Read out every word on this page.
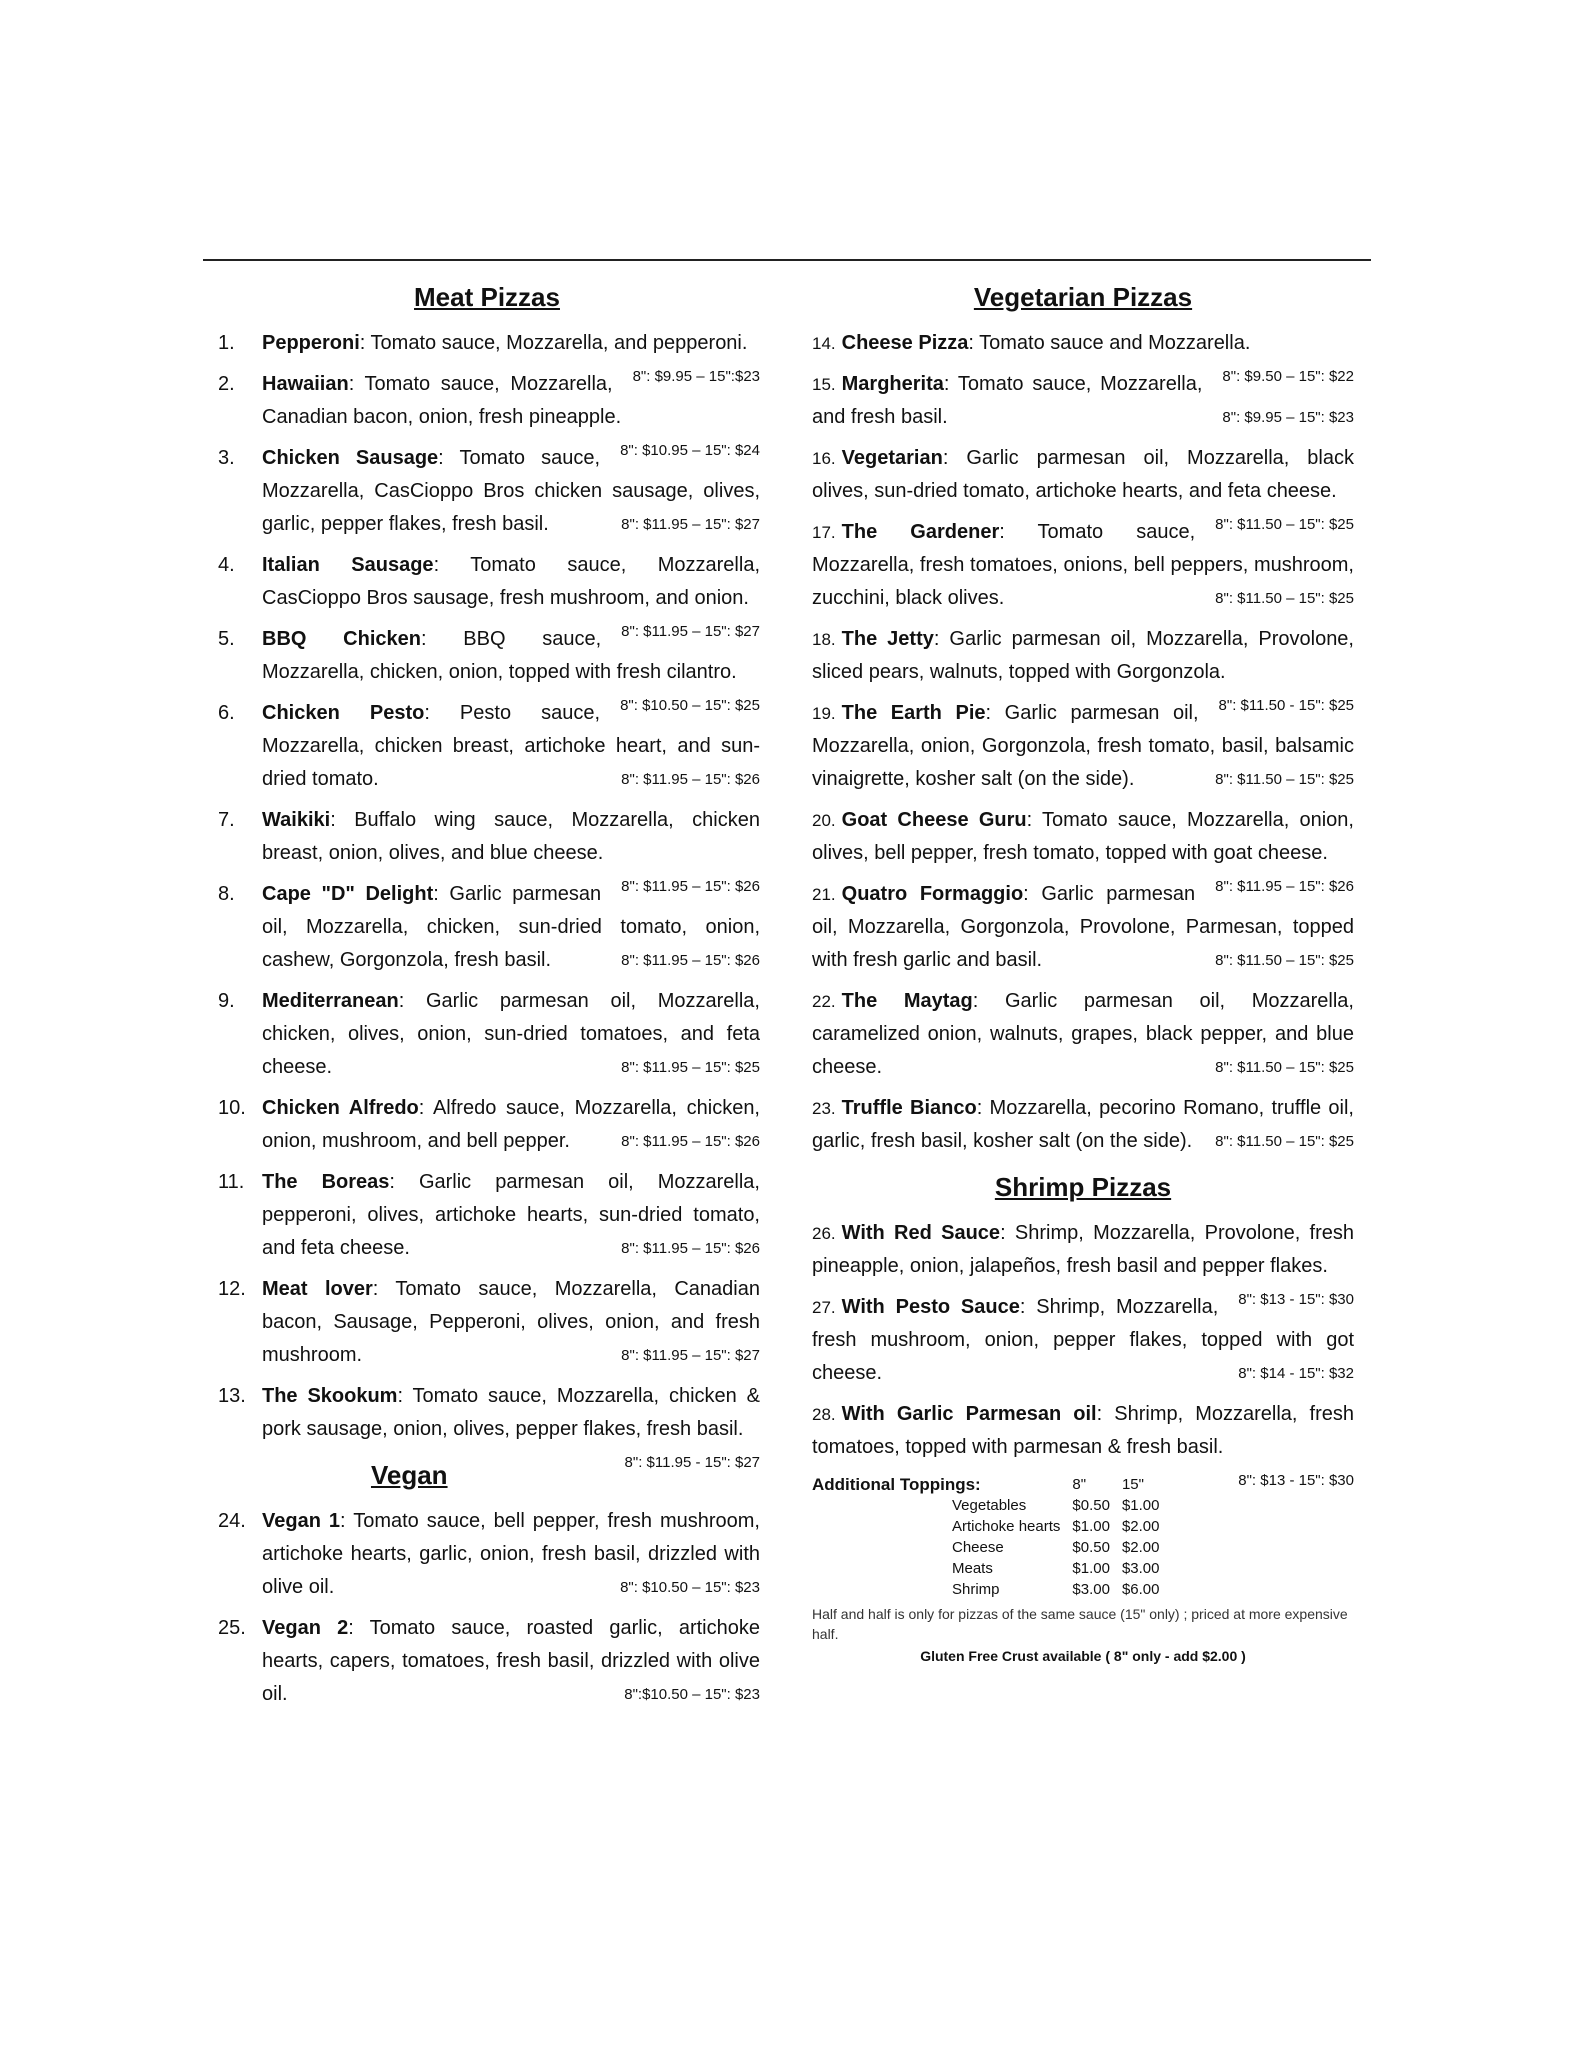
Meat Pizzas
1. Pepperoni: Tomato sauce, Mozzarella, and pepperoni.
8": $9.95 – 15":$23
2. Hawaiian: Tomato sauce, Mozzarella, Canadian bacon, onion, fresh pineapple.
8": $10.95 – 15": $24
3. Chicken Sausage: Tomato sauce, Mozzarella, CasCioppo Bros chicken sausage, olives, garlic, pepper flakes, fresh basil.	8": $11.95 – 15": $27
4. Italian Sausage: Tomato sauce, Mozzarella, CasCioppo Bros sausage, fresh mushroom, and onion.
8": $11.95 – 15": $27
5. BBQ Chicken: BBQ sauce, Mozzarella, chicken, onion, topped with fresh cilantro.
8": $10.50 – 15": $25
6. Chicken Pesto: Pesto sauce, Mozzarella, chicken breast, artichoke heart, and sun-dried tomato.	8": $11.95 – 15": $26
7. Waikiki: Buffalo wing sauce, Mozzarella, chicken breast, onion, olives, and blue cheese.
8": $11.95 – 15": $26
8. Cape "D" Delight: Garlic parmesan oil, Mozzarella, chicken, sun-dried tomato, onion, cashew, Gorgonzola, fresh basil.	8": $11.95 – 15": $26
9. Mediterranean: Garlic parmesan oil, Mozzarella, chicken, olives, onion, sun-dried tomatoes, and feta cheese.	8": $11.95 – 15": $25
10. Chicken Alfredo: Alfredo sauce, Mozzarella, chicken, onion, mushroom, and bell pepper.	8": $11.95 – 15": $26
11. The Boreas: Garlic parmesan oil, Mozzarella, pepperoni, olives, artichoke hearts, sun-dried tomato, and feta cheese.	8": $11.95 – 15": $26
12. Meat lover: Tomato sauce, Mozzarella, Canadian bacon, Sausage, Pepperoni, olives, onion, and fresh mushroom.	8": $11.95 – 15": $27
13. The Skookum: Tomato sauce, Mozzarella, chicken & pork sausage, onion, olives, pepper flakes, fresh basil.
8": $11.95 - 15": $27
Vegan
24. Vegan 1: Tomato sauce, bell pepper, fresh mushroom, artichoke hearts, garlic, onion, fresh basil, drizzled with olive oil.	8": $10.50 – 15": $23
25. Vegan 2: Tomato sauce, roasted garlic, artichoke hearts, capers, tomatoes, fresh basil, drizzled with olive oil.	8":$10.50 – 15": $23
Vegetarian Pizzas
14. Cheese Pizza: Tomato sauce and Mozzarella.
8": $9.50 – 15": $22
15. Margherita: Tomato sauce, Mozzarella, and fresh basil.	8": $9.95 – 15": $23
16. Vegetarian: Garlic parmesan oil, Mozzarella, black olives, sun-dried tomato, artichoke hearts, and feta cheese.
8": $11.50 – 15": $25
17. The Gardener: Tomato sauce, Mozzarella, fresh tomatoes, onions, bell peppers, mushroom, zucchini, black olives.	8": $11.50 – 15": $25
18. The Jetty: Garlic parmesan oil, Mozzarella, Provolone, sliced pears, walnuts, topped with Gorgonzola.
8": $11.50 - 15": $25
19. The Earth Pie: Garlic parmesan oil, Mozzarella, onion, Gorgonzola, fresh tomato, basil, balsamic vinaigrette, kosher salt (on the side).	8": $11.50 – 15": $25
20. Goat Cheese Guru: Tomato sauce, Mozzarella, onion, olives, bell pepper, fresh tomato, topped with goat cheese.
8": $11.95 – 15": $26
21. Quatro Formaggio: Garlic parmesan oil, Mozzarella, Gorgonzola, Provolone, Parmesan, topped with fresh garlic and basil.	8": $11.50 – 15": $25
22. The Maytag: Garlic parmesan oil, Mozzarella, caramelized onion, walnuts, grapes, black pepper, and blue cheese.	8": $11.50 – 15": $25
23. Truffle Bianco: Mozzarella, pecorino Romano, truffle oil, garlic, fresh basil, kosher salt (on the side). 8": $11.50 – 15": $25
Shrimp Pizzas
26. With Red Sauce: Shrimp, Mozzarella, Provolone, fresh pineapple, onion, jalapeños, fresh basil and pepper flakes.
8": $13 - 15": $30
27. With Pesto Sauce: Shrimp, Mozzarella, fresh mushroom, onion, pepper flakes, topped with got cheese.	8": $14 - 15": $32
28. With Garlic Parmesan oil: Shrimp, Mozzarella, fresh tomatoes, topped with parmesan & fresh basil.
8": $13 - 15": $30
Additional Toppings:	8"	15"
Vegetables	$0.50	$1.00
Artichoke hearts	$1.00	$2.00
Cheese	$0.50	$2.00
Meats	$1.00	$3.00
Shrimp	$3.00	$6.00
Half and half is only for pizzas of the same sauce (15" only) ; priced at more expensive half.
Gluten Free Crust available ( 8" only - add $2.00 )
